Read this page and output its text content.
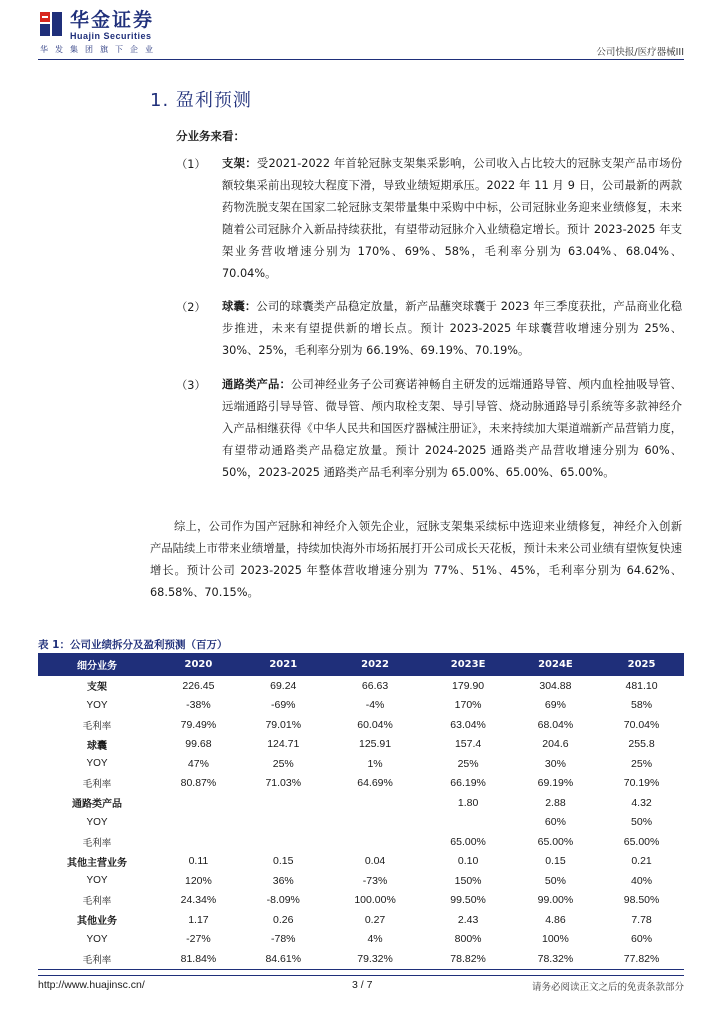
华金证券
Huajin Securities
华发集团旗下企业	公司快报/医疗器械III
1. 盈利预测
分业务来看：
（1） 支架：受2021-2022 年首轮冠脉支架集采影响，公司收入占比较大的冠脉支架产品市场份额较集采前出现较大程度下滑，导致业绩短期承压。2022 年 11 月 9 日，公司最新的两款药物洗脱支架在国家二轮冠脉支架带量集中采购中中标，公司冠脉业务迎来业绩修复，未来随着公司冠脉介入新品持续获批，有望带动冠脉介入业绩稳定增长。预计 2023-2025 年支架业务营收增速分别为 170%、69%、58%，毛利率分别为 63.04%、68.04%、70.04%。
（2） 球囊：公司的球囊类产品稳定放量，新产品蘸突球囊于 2023 年三季度获批，产品商业化稳步推进，未来有望提供新的增长点。预计 2023-2025 年球囊营收增速分别为 25%、30%、25%，毛利率分别为 66.19%、69.19%、70.19%。
（3） 通路类产品：公司神经业务子公司赛诺神畅自主研发的远端通路导管、颅内血栓抽吸导管、远端通路引导导管、微导管、颅内取栓支架、导引导管、烧动脉通路导引系统等多款神经介入产品相继获得《中华人民共和国医疗器械注册证》，未来持续加大渠道端新产品营销力度，有望带动通路类产品稳定放量。预计 2024-2025 通路类产品营收增速分别为 60%、50%，2023-2025 通路类产品毛利率分别为 65.00%、65.00%、65.00%。
综上，公司作为国产冠脉和神经介入领先企业，冠脉支架集采续标中选迎来业绩修复，神经介入创新产品陆续上市带来业绩增量，持续加快海外市场拓展打开公司成长天花板，预计未来公司业绩有望恢复快速增长。预计公司 2023-2025 年整体营收增速分别为 77%、51%、45%，毛利率分别为 64.62%、68.58%、70.15%。
表 1：公司业绩拆分及盈利预测（百万）
细分业务	2020	2021	2022	2023E	2024E	2025
支架	226.45	69.24	66.63	179.90	304.88	481.10
YOY	-38%	-69%	-4%	170%	69%	58%
毛利率	79.49%	79.01%	60.04%	63.04%	68.04%	70.04%
球囊	99.68	124.71	125.91	157.4	204.6	255.8
YOY	47%	25%	1%	25%	30%	25%
毛利率	80.87%	71.03%	64.69%	66.19%	69.19%	70.19%
通路类产品				1.80	2.88	4.32
YOY					60%	50%
毛利率				65.00%	65.00%	65.00%
其他主营业务	0.11	0.15	0.04	0.10	0.15	0.21
YOY	120%	36%	-73%	150%	50%	40%
毛利率	24.34%	-8.09%	100.00%	99.50%	99.00%	98.50%
其他业务	1.17	0.26	0.27	2.43	4.86	7.78
YOY	-27%	-78%	4%	800%	100%	60%
毛利率	81.84%	84.61%	79.32%	78.82%	78.32%	77.82%
http://www.huajinsc.cn/	3 / 7	请务必阅读正文之后的免责条款部分
